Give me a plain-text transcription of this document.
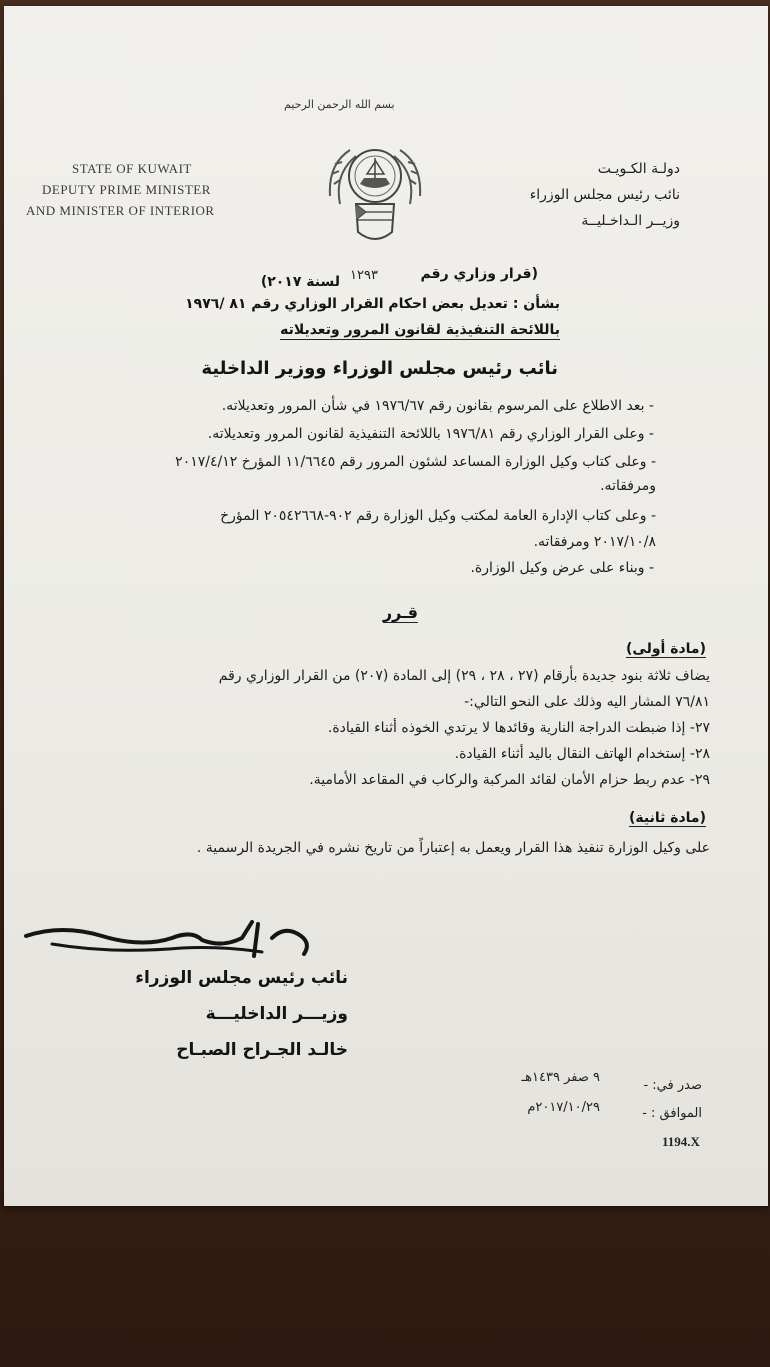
بسم الله الرحمن الرحيم
STATE OF KUWAIT
DEPUTY PRIME MINISTER
AND MINISTER OF INTERIOR
دولـة الكـويـت
نائب رئيس مجلس الوزراء
وزيــر الـداخـليــة
(قرار وزاري رقم
١٢٩٣
لسنة ٢٠١٧)
بشأن : تعديل بعض احكام القرار الوزاري رقم ٨١ /١٩٧٦
باللائحة التنفيذية لقانون المرور وتعديلاته
نائب رئيس مجلس الوزراء ووزير الداخلية
- بعد الاطلاع على المرسوم بقانون رقم ١٩٧٦/٦٧ في شأن المرور وتعديلاته.
- وعلى القرار الوزاري رقم ١٩٧٦/٨١ باللائحة التنفيذية لقانون المرور وتعديلاته.
- وعلى كتاب وكيل الوزارة المساعد لشئون المرور رقم ١١/٦٦٤٥ المؤرخ ٢٠١٧/٤/١٢
ومرفقاته.
- وعلى كتاب الإدارة العامة لمكتب وكيل الوزارة رقم ٩٠٢-٢٠٥٤٢٦٦٨ المؤرخ
٢٠١٧/١٠/٨ ومرفقاته.
- وبناء على عرض وكيل الوزارة.
قـرر
(مادة أولى)
يضاف ثلاثة بنود جديدة بأرقام (٢٧ ، ٢٨ ، ٢٩) إلى المادة (٢٠٧) من القرار الوزاري رقم
٧٦/٨١ المشار اليه وذلك على النحو التالي:-
٢٧- إذا ضبطت الدراجة النارية وقائدها لا يرتدي الخوذه أثناء القيادة.
٢٨- إستخدام الهاتف النقال باليد أثناء القيادة.
٢٩- عدم ربط حزام الأمان لقائد المركبة والركاب في المقاعد الأمامية.
(مادة ثانية)
على وكيل الوزارة تنفيذ هذا القرار ويعمل به إعتباراً من تاريخ نشره في الجريدة الرسمية .
نائب رئيس مجلس الوزراء
وزيـــر الداخليـــة
خالـد الجـراح الصبـاح
صدر في: -
٩ صفر ١٤٣٩هـ
الموافق : -
٢٠١٧/١٠/٢٩م
1194.X
